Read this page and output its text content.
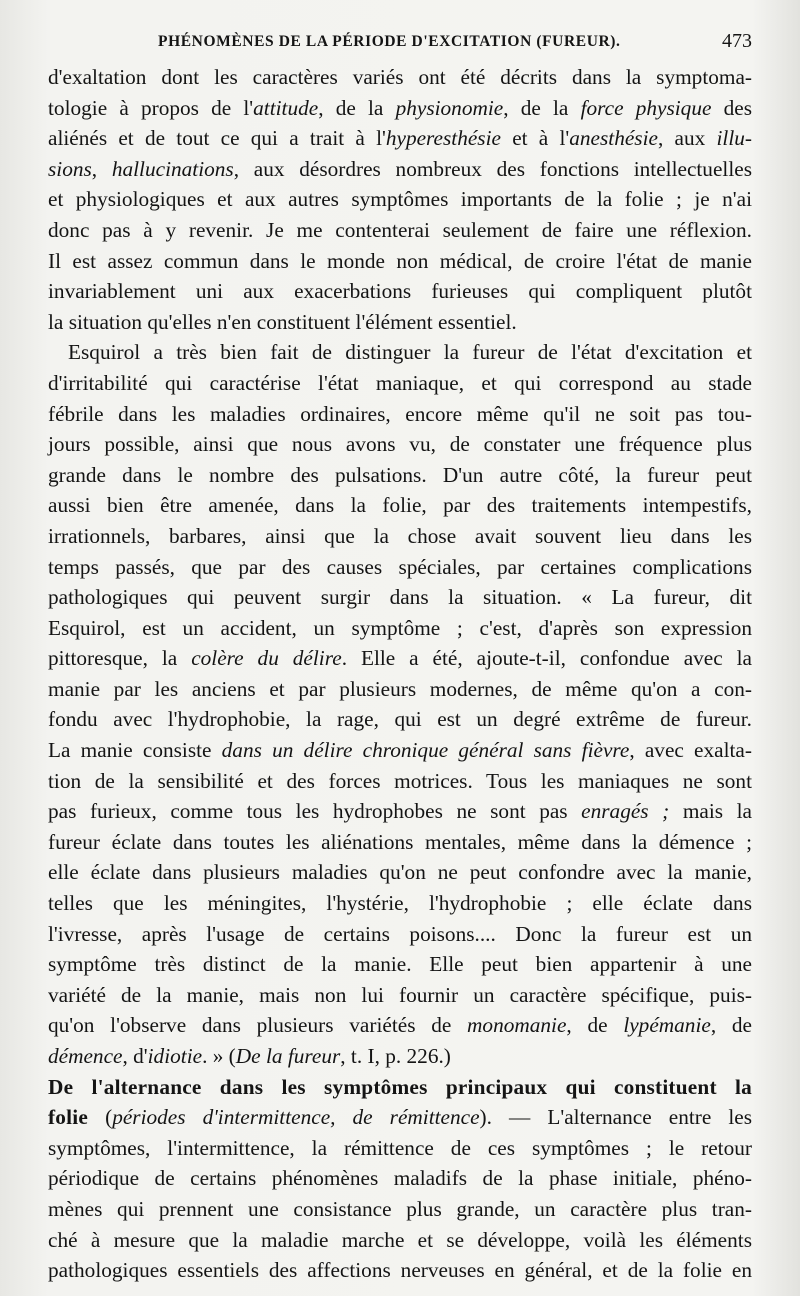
PHÉNOMÈNES DE LA PÉRIODE D'EXCITATION (FUREUR).	473
d'exaltation dont les caractères variés ont été décrits dans la symptoma-
tologie à propos de l'attitude, de la physionomie, de la force physique des
aliénés et de tout ce qui a trait à l'hyperesthésie et à l'anesthésie, aux illu-
sions, hallucinations, aux désordres nombreux des fonctions intellectuelles
et physiologiques et aux autres symptômes importants de la folie ; je n'ai
donc pas à y revenir. Je me contenterai seulement de faire une réflexion.
Il est assez commun dans le monde non médical, de croire l'état de manie
invariablement uni aux exacerbations furieuses qui compliquent plutôt
la situation qu'elles n'en constituent l'élément essentiel.
Esquirol a très bien fait de distinguer la fureur de l'état d'excitation et
d'irritabilité qui caractérise l'état maniaque, et qui correspond au stade
fébrile dans les maladies ordinaires, encore même qu'il ne soit pas tou-
jours possible, ainsi que nous avons vu, de constater une fréquence plus
grande dans le nombre des pulsations. D'un autre côté, la fureur peut
aussi bien être amenée, dans la folie, par des traitements intempestifs,
irrationnels, barbares, ainsi que la chose avait souvent lieu dans les
temps passés, que par des causes spéciales, par certaines complications
pathologiques qui peuvent surgir dans la situation. « La fureur, dit
Esquirol, est un accident, un symptôme ; c'est, d'après son expression
pittoresque, la colère du délire. Elle a été, ajoute-t-il, confondue avec la
manie par les anciens et par plusieurs modernes, de même qu'on a con-
fondu avec l'hydrophobie, la rage, qui est un degré extrême de fureur.
La manie consiste dans un délire chronique général sans fièvre, avec exalta-
tion de la sensibilité et des forces motrices. Tous les maniaques ne sont
pas furieux, comme tous les hydrophobes ne sont pas enragés ; mais la
fureur éclate dans toutes les aliénations mentales, même dans la démence ;
elle éclate dans plusieurs maladies qu'on ne peut confondre avec la manie,
telles que les méningites, l'hystérie, l'hydrophobie ; elle éclate dans
l'ivresse, après l'usage de certains poisons.... Donc la fureur est un
symptôme très distinct de la manie. Elle peut bien appartenir à une
variété de la manie, mais non lui fournir un caractère spécifique, puis-
qu'on l'observe dans plusieurs variétés de monomanie, de lypémanie, de
démence, d'idiotie. » (De la fureur, t. I, p. 226.)
De l'alternance dans les symptômes principaux qui constituent la
folie (périodes d'intermittence, de rémittence). — L'alternance entre les
symptômes, l'intermittence, la rémittence de ces symptômes ; le retour
périodique de certains phénomènes maladifs de la phase initiale, phéno-
mènes qui prennent une consistance plus grande, un caractère plus tran-
ché à mesure que la maladie marche et se développe, voilà les éléments
pathologiques essentiels des affections nerveuses en général, et de la folie en
